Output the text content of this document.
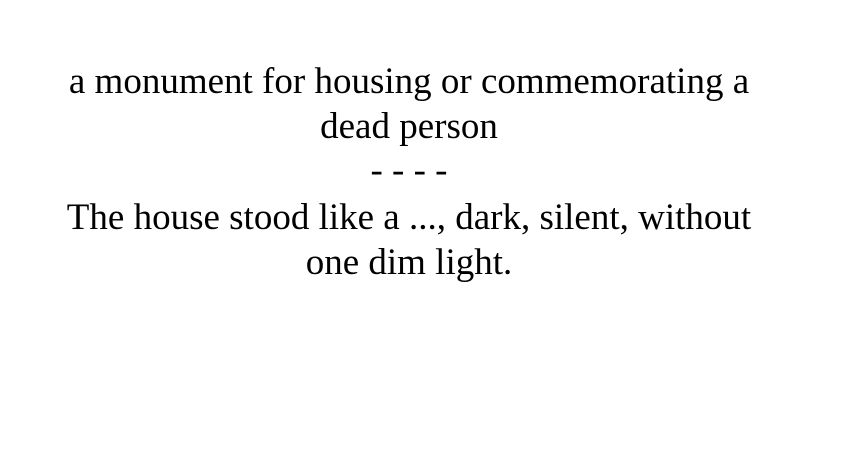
a monument for housing or commemorating a dead person
- - - -
The house stood like a ..., dark, silent, without one dim light.
